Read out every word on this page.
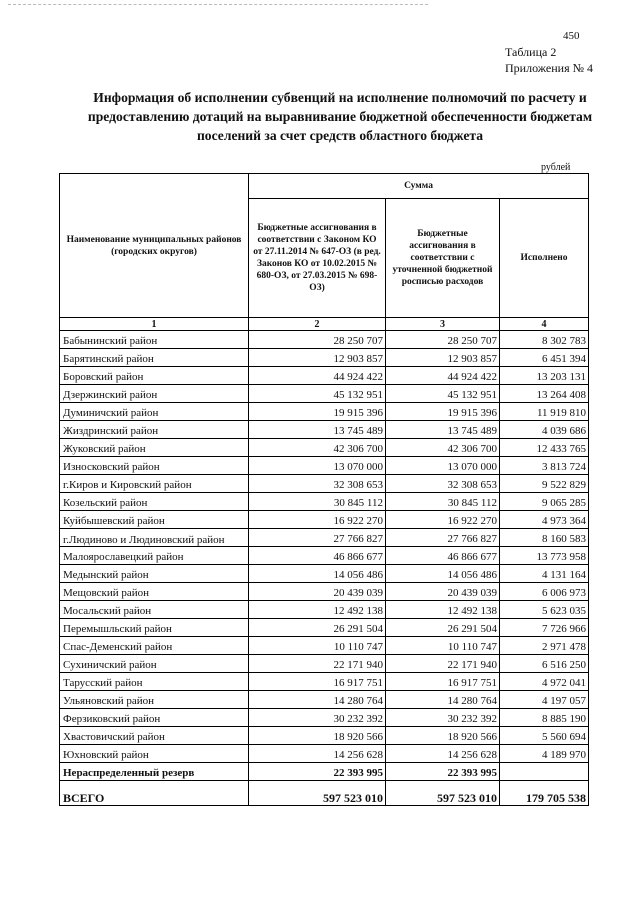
450
Таблица 2
Приложения № 4
Информация об исполнении субвенций на исполнение полномочий по расчету и предоставлению дотаций на выравнивание бюджетной обеспеченности бюджетам поселений за счет средств областного бюджета
рублей
Наименование муниципальных районов (городских округов)	Сумма		
	Бюджетные ассигнования в соответствии с Законом КО от 27.11.2014 № 647-ОЗ (в ред. Законов КО от 10.02.2015 № 680-ОЗ, от 27.03.2015 № 698-ОЗ)	Бюджетные ассигнования в соответствии с уточненной бюджетной росписью расходов	Исполнено
1	2	3	4
Бабынинский район	28 250 707	28 250 707	8 302 783
Барятинский район	12 903 857	12 903 857	6 451 394
Боровский район	44 924 422	44 924 422	13 203 131
Дзержинский район	45 132 951	45 132 951	13 264 408
Думиничский район	19 915 396	19 915 396	11 919 810
Жиздринский район	13 745 489	13 745 489	4 039 686
Жуковский район	42 306 700	42 306 700	12 433 765
Износковский район	13 070 000	13 070 000	3 813 724
г.Киров и Кировский район	32 308 653	32 308 653	9 522 829
Козельский район	30 845 112	30 845 112	9 065 285
Куйбышевский район	16 922 270	16 922 270	4 973 364
г.Людиново и Людиновский район	27 766 827	27 766 827	8 160 583
Малоярославецкий район	46 866 677	46 866 677	13 773 958
Медынский район	14 056 486	14 056 486	4 131 164
Мещовский район	20 439 039	20 439 039	6 006 973
Мосальский район	12 492 138	12 492 138	5 623 035
Перемышльский район	26 291 504	26 291 504	7 726 966
Спас-Деменский район	10 110 747	10 110 747	2 971 478
Сухиничский район	22 171 940	22 171 940	6 516 250
Тарусский район	16 917 751	16 917 751	4 972 041
Ульяновский район	14 280 764	14 280 764	4 197 057
Ферзиковский район	30 232 392	30 232 392	8 885 190
Хвастовичский район	18 920 566	18 920 566	5 560 694
Юхновский район	14 256 628	14 256 628	4 189 970
Нераспределенный резерв	22 393 995	22 393 995	
ВСЕГО	597 523 010	597 523 010	179 705 538
